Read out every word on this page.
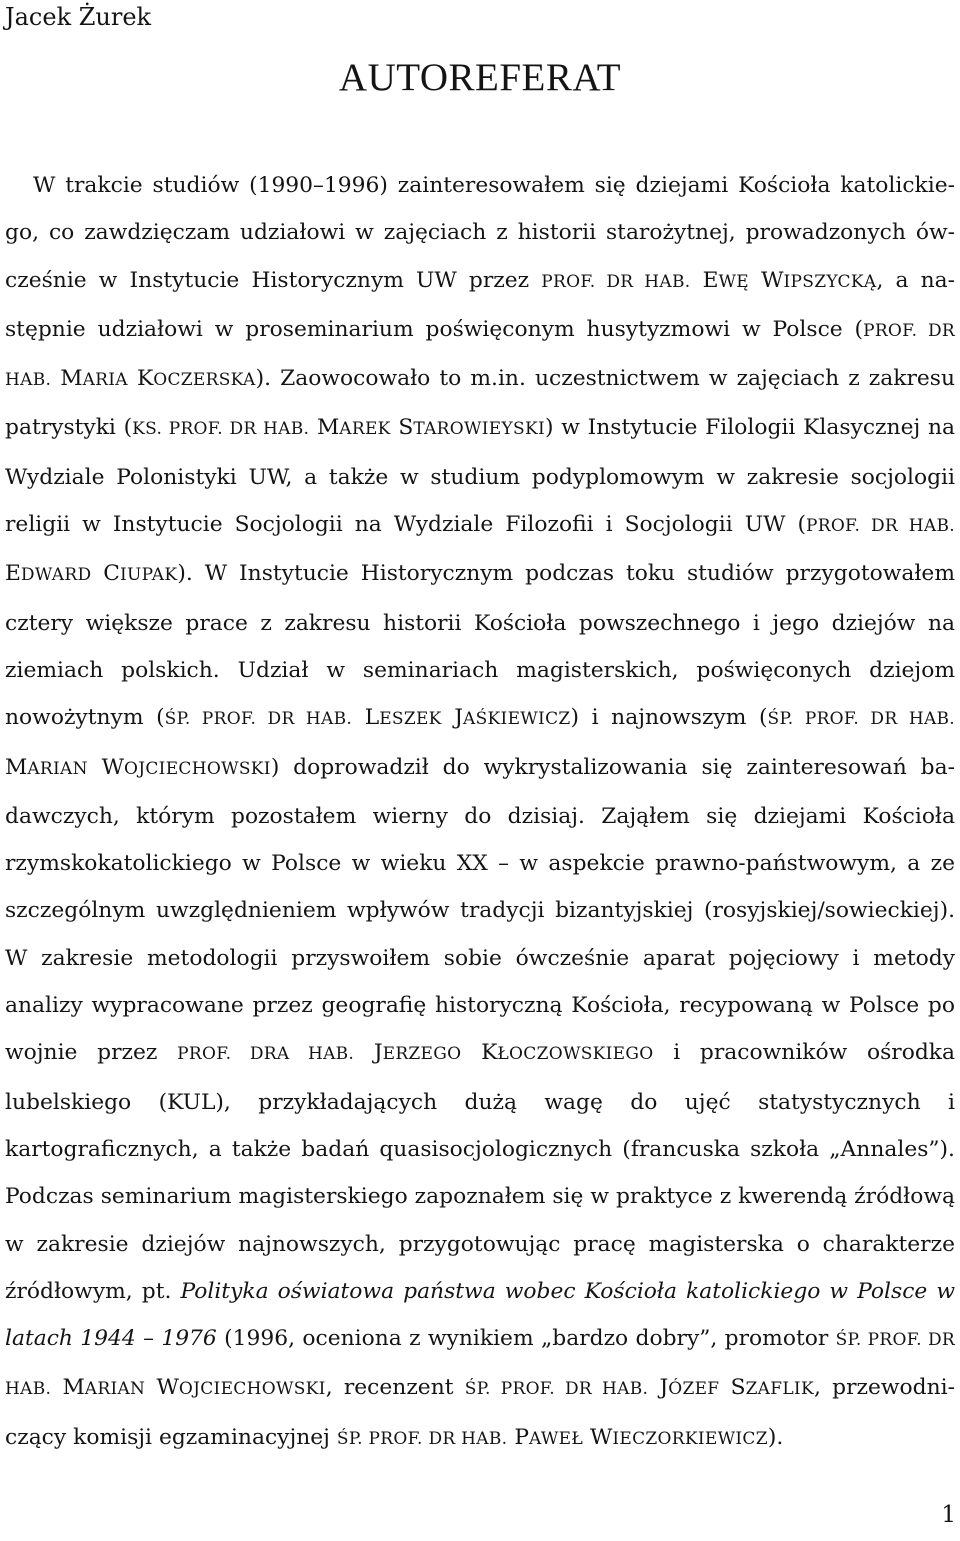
Jacek Żurek

AUTOREFERAT

W trakcie studiów (1990–1996) zainteresowałem się dziejami Kościoła katolickiego, co zawdzięczam udziałowi w zajęciach z historii starożytnej, prowadzonych ówcześnie w Instytucie Historycznym UW przez PROF. DR HAB. EWĘ WIPSZYCKĄ, a następnie udziałowi w proseminarium poświęconym husytyzmowi w Polsce (PROF. DR HAB. MARIA KOCZERSKA). Zaowocowało to m.in. uczestnictwem w zajęciach z zakresu patrystyki (KS. PROF. DR HAB. MAREK STAROWIEYSKI) w Instytucie Filologii Klasycznej na Wydziale Polonistyki UW, a także w studium podyplomowym w zakresie socjologii religii w Instytucie Socjologii na Wydziale Filozofii i Socjologii UW (PROF. DR HAB. EDWARD CIUPAK). W Instytucie Historycznym podczas toku studiów przygotowałem cztery większe prace z zakresu historii Kościoła powszechnego i jego dziejów na ziemiach polskich. Udział w seminariach magisterskich, poświęconych dziejom nowożytnym (ŚP. PROF. DR HAB. LESZEK JAŚKIEWICZ) i najnowszym (ŚP. PROF. DR HAB. MARIAN WOJCIECHOWSKI) doprowadził do wykrystalizowania się zainteresowań badawczych, którym pozostałem wierny do dzisiaj. Zająłem się dziejami Kościoła rzymskokatolickiego w Polsce w wieku XX – w aspekcie prawno-państwowym, a ze szczególnym uwzględnieniem wpływów tradycji bizantyjskiej (rosyjskiej/sowieckiej). W zakresie metodologii przyswoiłem sobie ówcześnie aparat pojęciowy i metody analizy wypracowane przez geografię historyczną Kościoła, recypowaną w Polsce po wojnie przez PROF. DRA HAB. JERZEGO KŁOCZOWSKIEGO i pracowników ośrodka lubelskiego (KUL), przykładających dużą wagę do ujęć statystycznych i kartograficznych, a także badań quasisocjologicznych (francuska szkoła „Annales”). Podczas seminarium magisterskiego zapoznałem się w praktyce z kwerendą źródłową w zakresie dziejów najnowszych, przygotowując pracę magisterska o charakterze źródłowym, pt. Polityka oświatowa państwa wobec Kościoła katolickiego w Polsce w latach 1944 – 1976 (1996, oceniona z wynikiem „bardzo dobry”, promotor ŚP. PROF. DR HAB. MARIAN WOJCIECHOWSKI, recenzent ŚP. PROF. DR HAB. JÓZEF SZAFLIK, przewodniczący komisji egzaminacyjnej ŚP. PROF. DR HAB. PAWEŁ WIECZORKIEWICZ).

1
